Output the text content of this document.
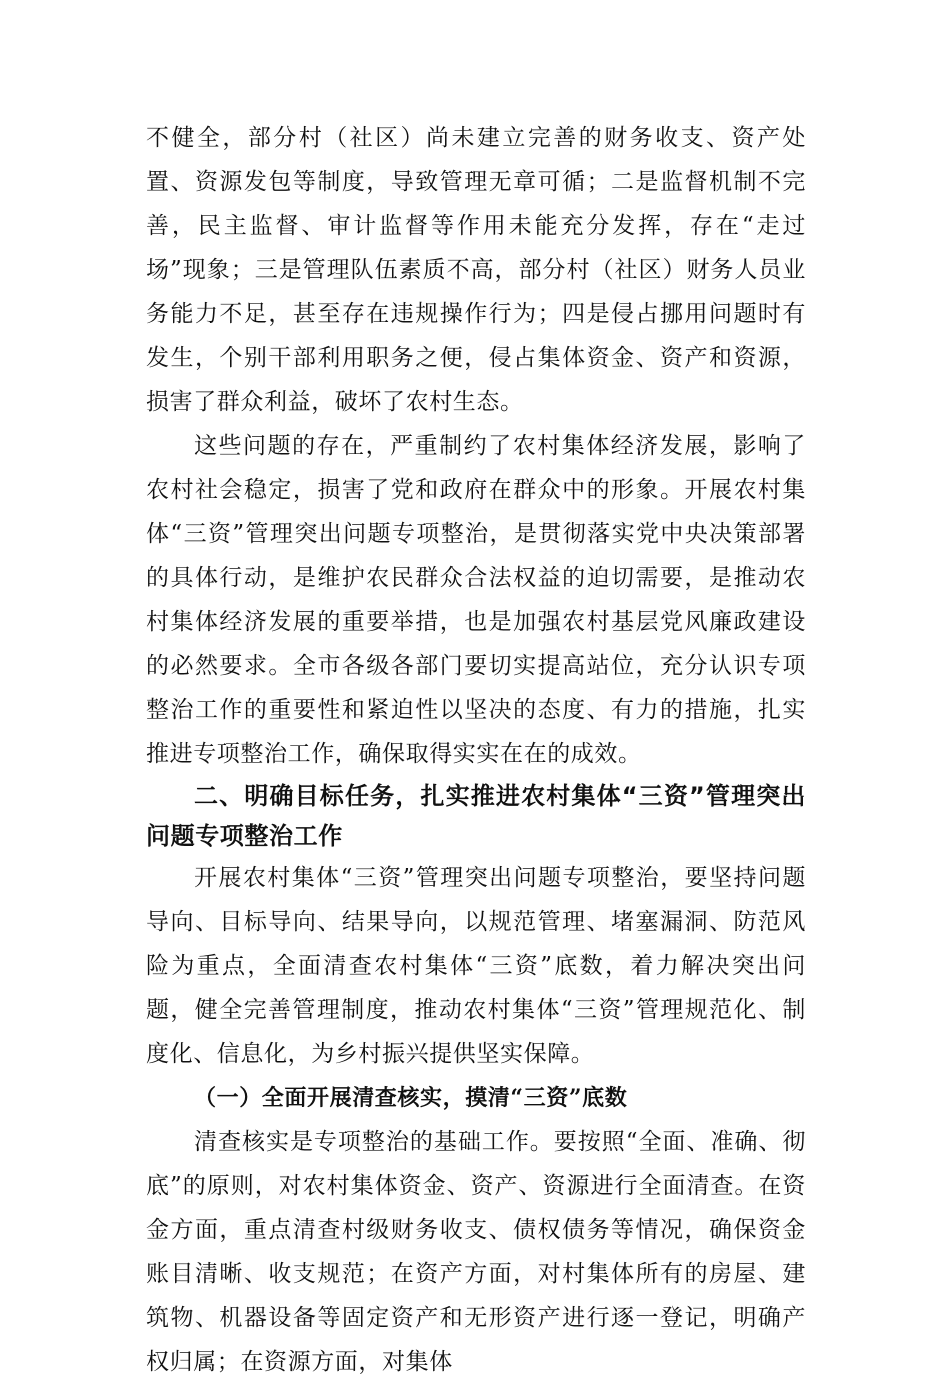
不健全，部分村（社区）尚未建立完善的财务收支、资产处置、资源发包等制度，导致管理无章可循；二是监督机制不完善，民主监督、审计监督等作用未能充分发挥，存在“走过场”现象；三是管理队伍素质不高，部分村（社区）财务人员业务能力不足，甚至存在违规操作行为；四是侵占挪用问题时有发生，个别干部利用职务之便，侵占集体资金、资产和资源，损害了群众利益，破坏了农村生态。

这些问题的存在，严重制约了农村集体经济发展，影响了农村社会稳定，损害了党和政府在群众中的形象。开展农村集体“三资”管理突出问题专项整治，是贯彻落实党中央决策部署的具体行动，是维护农民群众合法权益的迫切需要，是推动农村集体经济发展的重要举措，也是加强农村基层党风廉政建设的必然要求。全市各级各部门要切实提高站位，充分认识专项整治工作的重要性和紧迫性以坚决的态度、有力的措施，扎实推进专项整治工作，确保取得实实在在的成效。

二、明确目标任务，扎实推进农村集体“三资”管理突出问题专项整治工作

开展农村集体“三资”管理突出问题专项整治，要坚持问题导向、目标导向、结果导向，以规范管理、堵塞漏洞、防范风险为重点，全面清查农村集体“三资”底数，着力解决突出问题，健全完善管理制度，推动农村集体“三资”管理规范化、制度化、信息化，为乡村振兴提供坚实保障。

（一）全面开展清查核实，摸清“三资”底数

清查核实是专项整治的基础工作。要按照“全面、准确、彻底”的原则，对农村集体资金、资产、资源进行全面清查。在资金方面，重点清查村级财务收支、债权债务等情况，确保资金账目清晰、收支规范；在资产方面，对村集体所有的房屋、建筑物、机器设备等固定资产和无形资产进行逐一登记，明确产权归属；在资源方面，对集体
